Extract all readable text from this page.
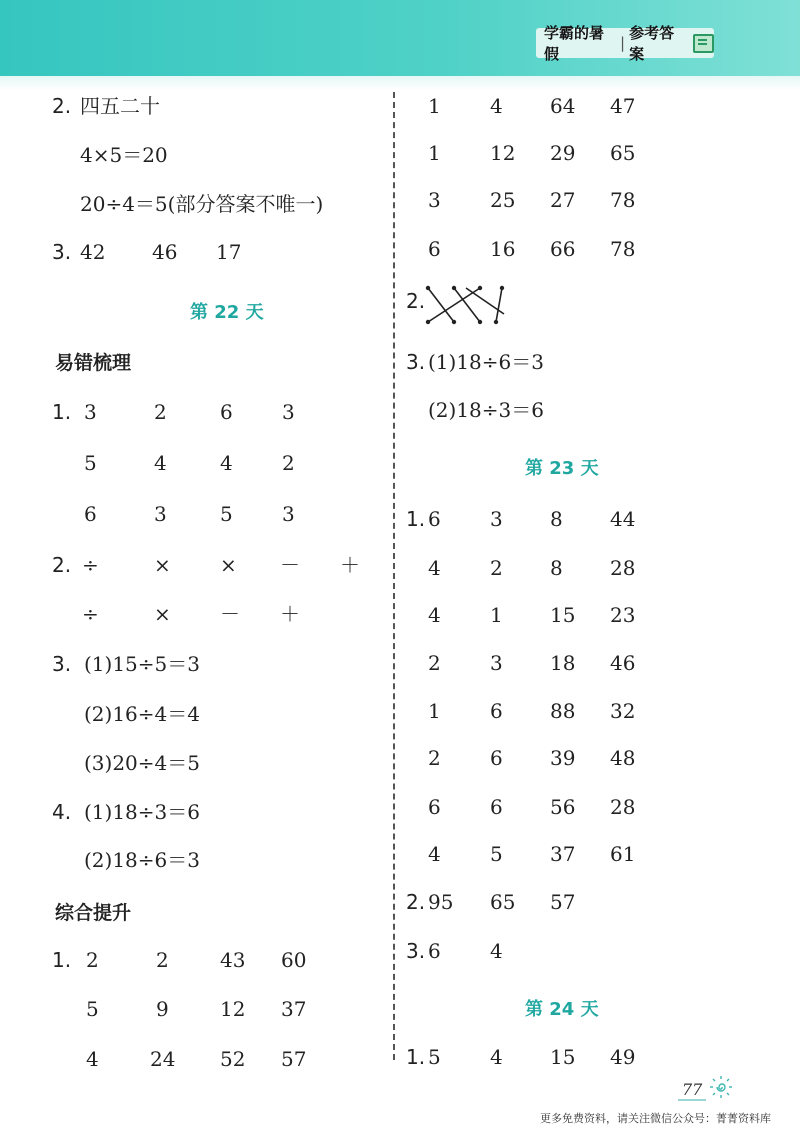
学霸的暑假
|
参考答案
2. 四五二十
4×5＝20
20÷4＝5(部分答案不唯一)
3. 42 46 17
第 22 天
易错梳理
1. 3	2	6 3
5	4	4 2
6	3	5 3
2. ÷	× × － ＋
÷	× － ＋
3. (1)15÷5＝3
(2)16÷4＝4
(3)20÷4＝5
4. (1)18÷3＝6
(2)18÷6＝3
综合提升
1. 2	2	43 60
5	9	12 37
4	24 52 57
1 4 64 47
1 12 29 65
3 25 27 78
6 16 66 78
2.
3. (1)18÷6＝3
(2)18÷3＝6
第 23 天
1. 6 3 8 44
4 2 8 28
4 1 15 23
2 3 18 46
1 6 88 32
2 6 39 48
6 6 56 28
4 5 37 61
2. 95 65 57
3. 6 4
第 24 天
1. 5 4 15 49
77
更多免费资料，请关注微信公众号：菁菁资料库
